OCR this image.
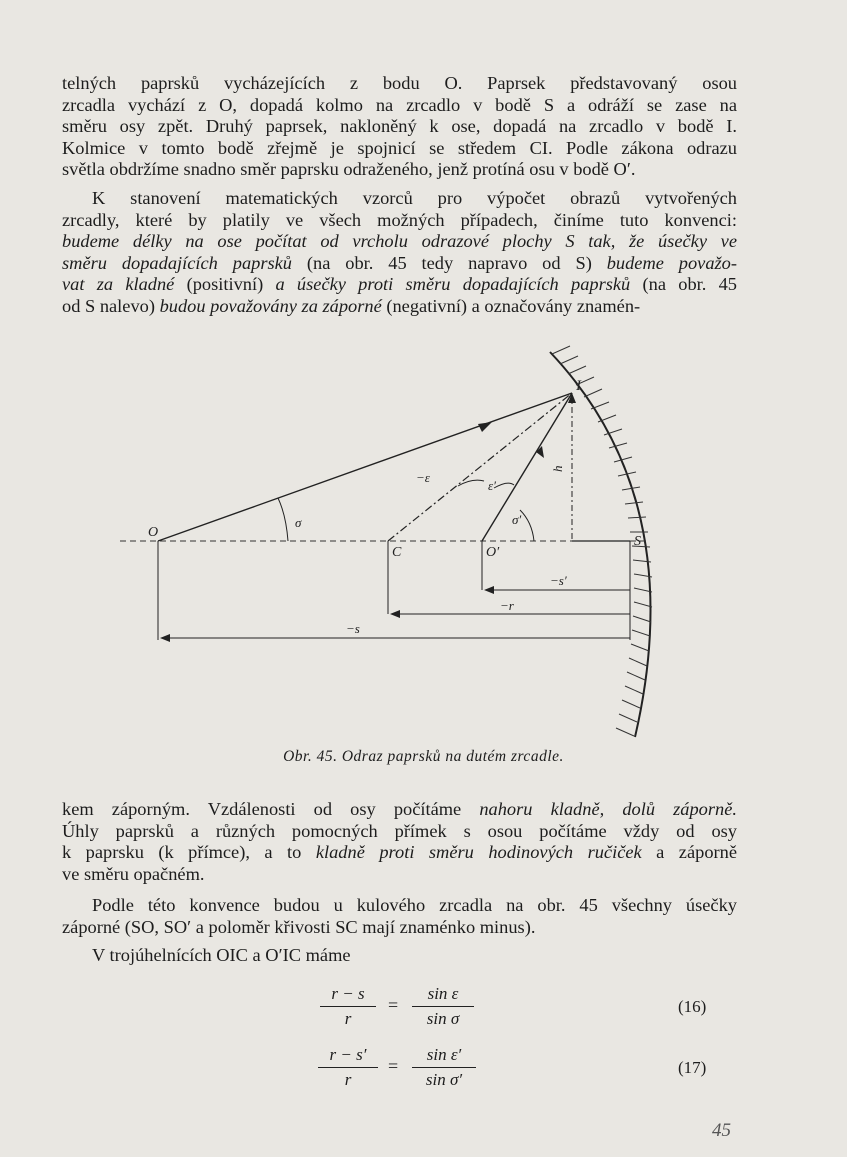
telných paprsků vycházejících z bodu O. Paprsek představovaný osou
zrcadla vychází z O, dopadá kolmo na zrcadlo v bodě S a odráží se zase na
směru osy zpět. Druhý paprsek, nakloněný k ose, dopadá na zrcadlo v bodě I.
Kolmice v tomto bodě zřejmě je spojnicí se středem CI. Podle zákona odrazu
světla obdržíme snadno směr paprsku odraženého, jenž protíná osu v bodě O′.
K stanovení matematických vzorců pro výpočet obrazů vytvořených
zrcadly, které by platily ve všech možných případech, činíme tuto konvenci:
budeme délky na ose počítat od vrcholu odrazové plochy S tak, že úsečky ve
směru dopadajících paprsků (na obr. 45 tedy napravo od S) budeme považo-
vat za kladné (positivní) a úsečky proti směru dopadajících paprsků (na obr. 45
od S nalevo) budou považovány za záporné (negativní) a označovány znamén-
O
C	O′
S
I
σ
−ε
ε′
σ′
h
−s′
−r
−s
Obr. 45. Odraz paprsků na dutém zrcadle.
kem záporným. Vzdálenosti od osy počítáme nahoru kladně, dolů záporně.
Úhly paprsků a různých pomocných přímek s osou počítáme vždy od osy
k paprsku (k přímce), a to kladně proti směru hodinových ručiček a záporně
ve směru opačném.
Podle této konvence budou u kulového zrcadla na obr. 45 všechny úsečky
záporné (SO, SO′ a poloměr křivosti SC mají znaménko minus).
V trojúhelnících OIC a O′IC máme
r − s
r
=
sin ε
sin σ
(16)
r − s′
r
=
sin ε′
sin σ′
(17)
45
